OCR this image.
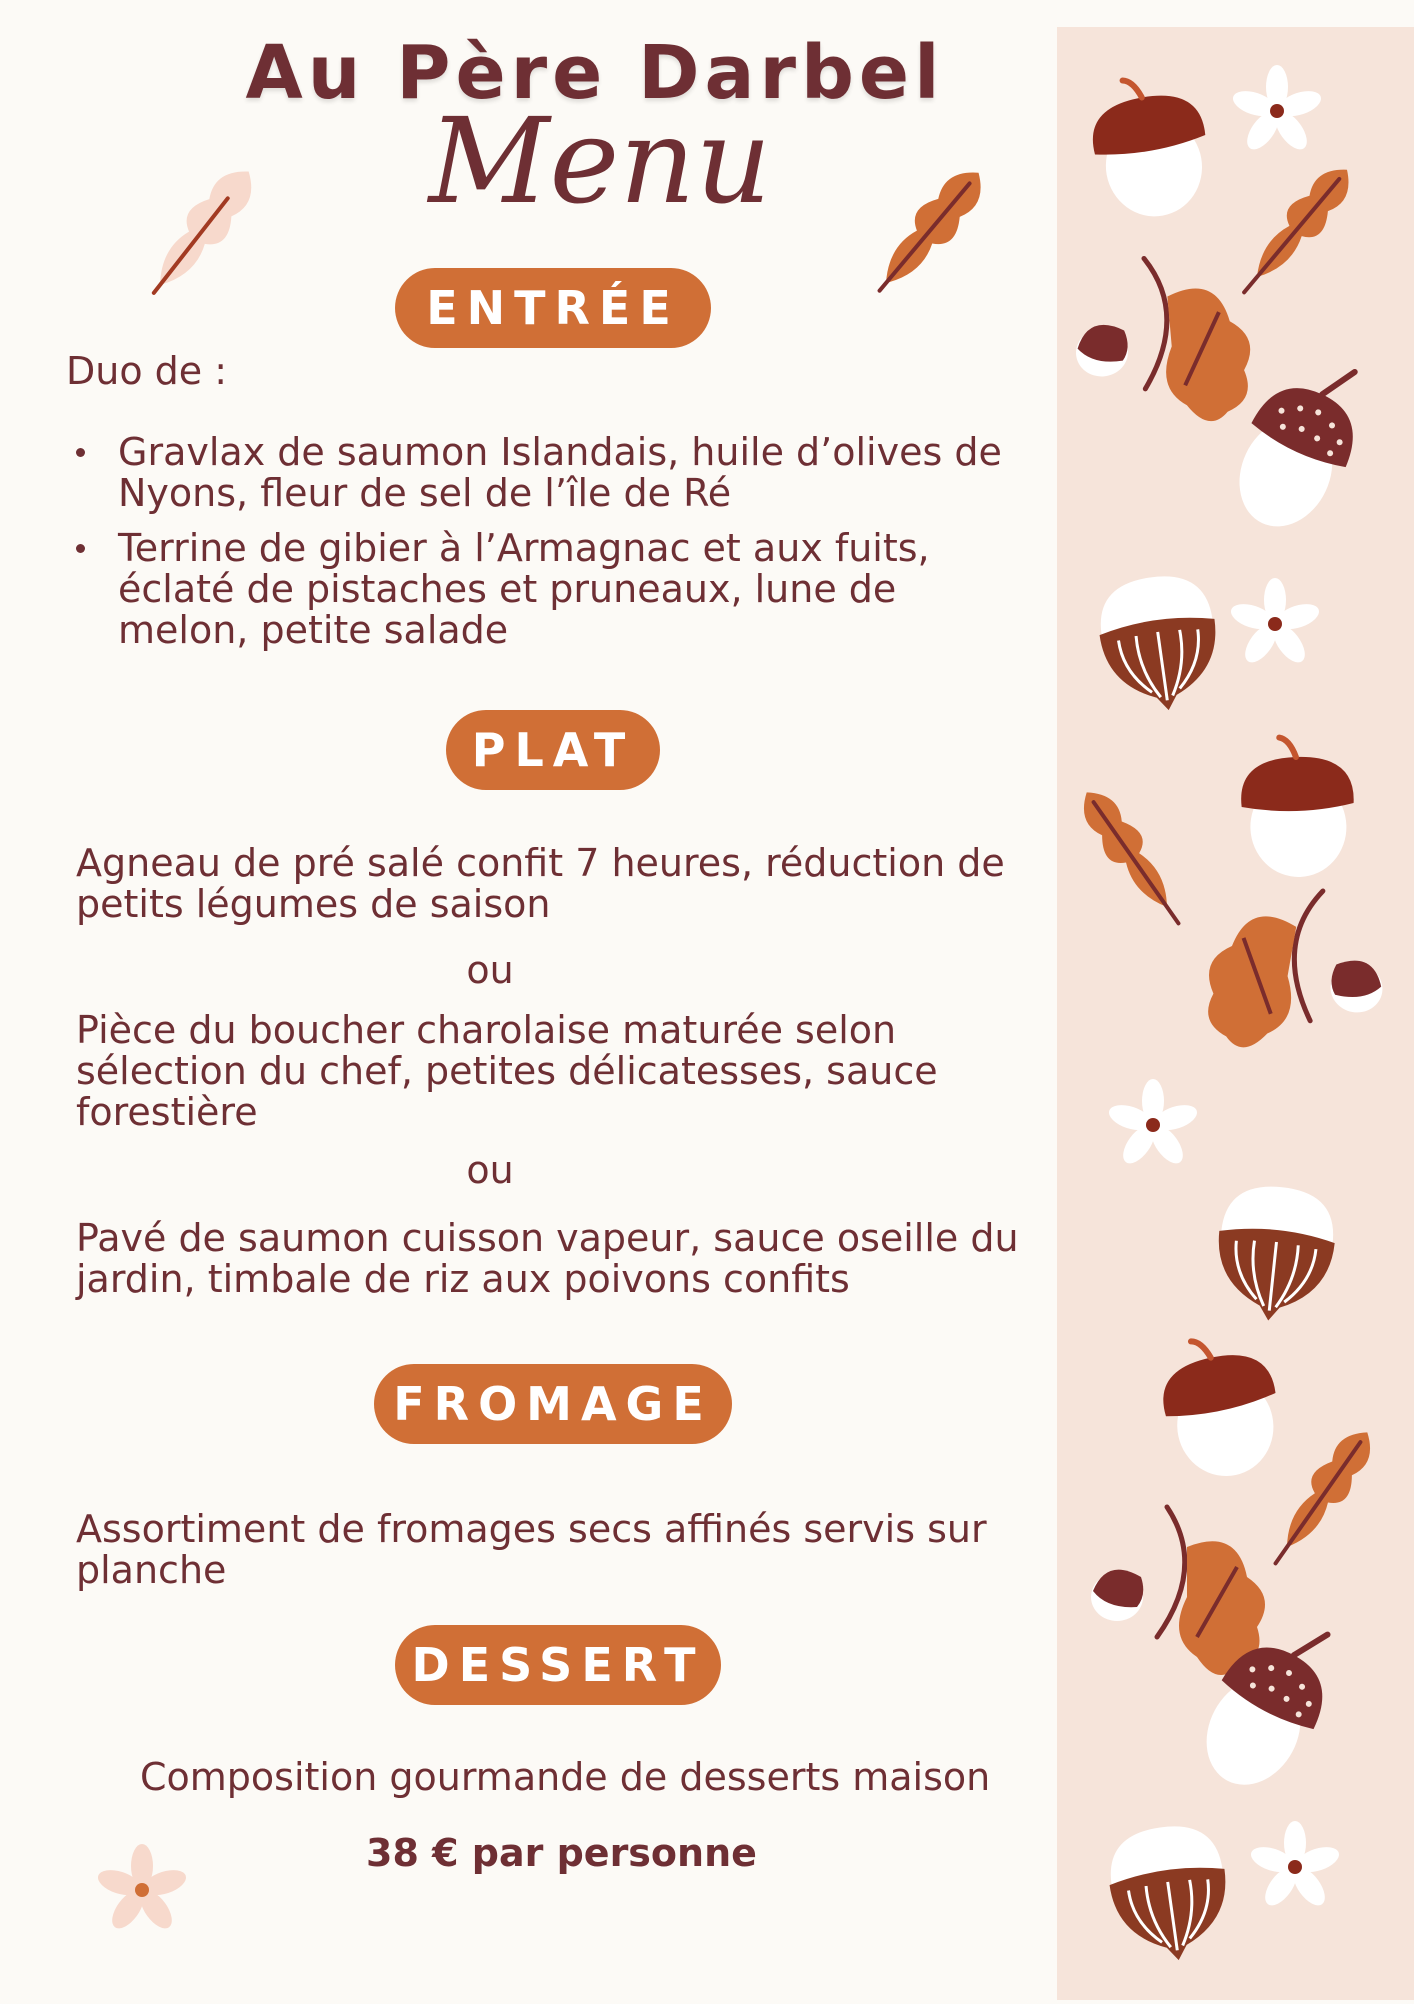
Au Père Darbel
Menu
ENTRÉE

Duo de :

Gravlax de saumon Islandais, huile d’olives de Nyons, fleur de sel de l’île de Ré
Terrine de gibier à l’Armagnac et aux fuits, éclaté de pistaches et pruneaux, lune de melon, petite salade
PLAT

Agneau de pré salé confit 7 heures, réduction de petits légumes de saison

ou

Pièce du boucher charolaise maturée selon sélection du chef, petites délicatesses, sauce forestière

ou

Pavé de saumon cuisson vapeur, sauce oseille du jardin, timbale de riz aux poivons confits

FROMAGE

Assortiment de fromages secs affinés servis sur planche

DESSERT

Composition gourmande de desserts maison

38 € par personne
